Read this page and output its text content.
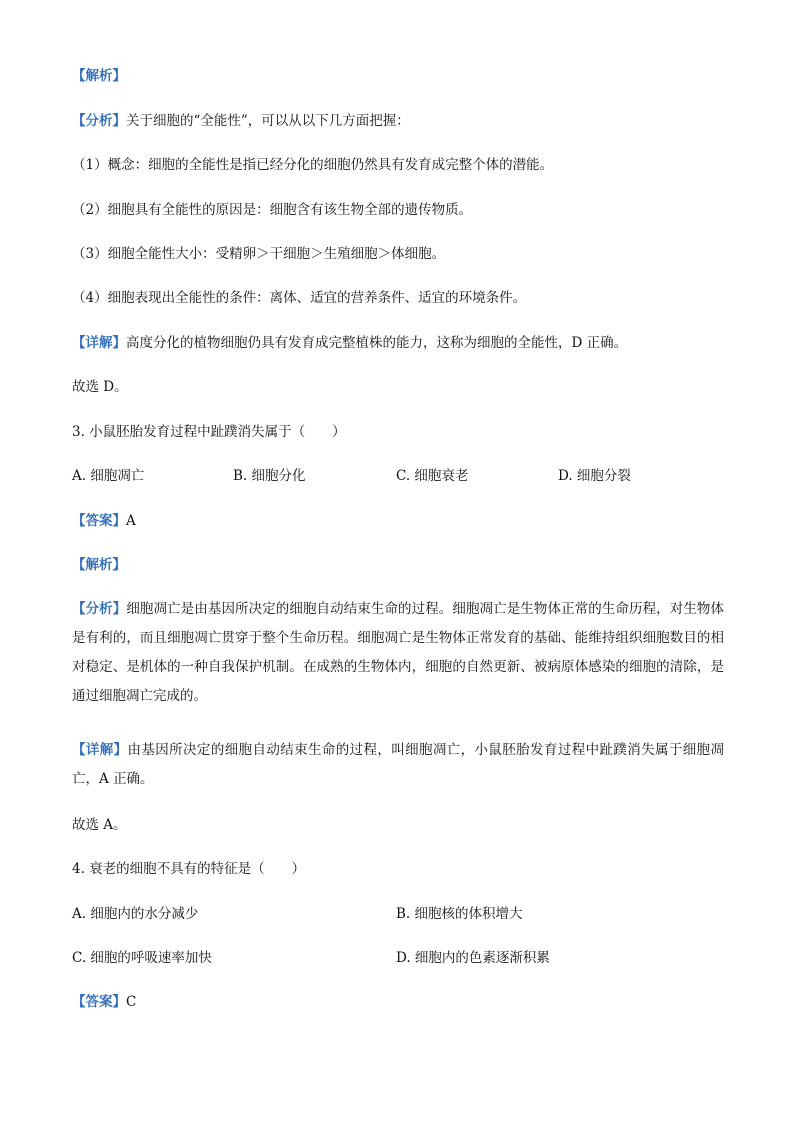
【解析】
【分析】关于细胞的“全能性”，可以从以下几方面把握：
（1）概念：细胞的全能性是指已经分化的细胞仍然具有发育成完整个体的潜能。
（2）细胞具有全能性的原因是：细胞含有该生物全部的遗传物质。
（3）细胞全能性大小：受精卵＞干细胞＞生殖细胞＞体细胞。
（4）细胞表现出全能性的条件：离体、适宜的营养条件、适宜的环境条件。
【详解】高度分化的植物细胞仍具有发育成完整植株的能力，这称为细胞的全能性，D 正确。
故选 D。
3. 小鼠胚胎发育过程中趾蹼消失属于（　　）
A. 细胞凋亡	B. 细胞分化	C. 细胞衰老	D. 细胞分裂
【答案】A
【解析】
【分析】细胞凋亡是由基因所决定的细胞自动结束生命的过程。细胞凋亡是生物体正常的生命历程，对生物体是有利的，而且细胞凋亡贯穿于整个生命历程。细胞凋亡是生物体正常发育的基础、能维持组织细胞数目的相对稳定、是机体的一种自我保护机制。在成熟的生物体内，细胞的自然更新、被病原体感染的细胞的清除，是通过细胞凋亡完成的。
【详解】由基因所决定的细胞自动结束生命的过程，叫细胞凋亡，小鼠胚胎发育过程中趾蹼消失属于细胞凋亡，A 正确。
故选 A。
4. 衰老的细胞不具有的特征是（　　）
A. 细胞内的水分减少	B. 细胞核的体积增大
C. 细胞的呼吸速率加快	D. 细胞内的色素逐渐积累
【答案】C
